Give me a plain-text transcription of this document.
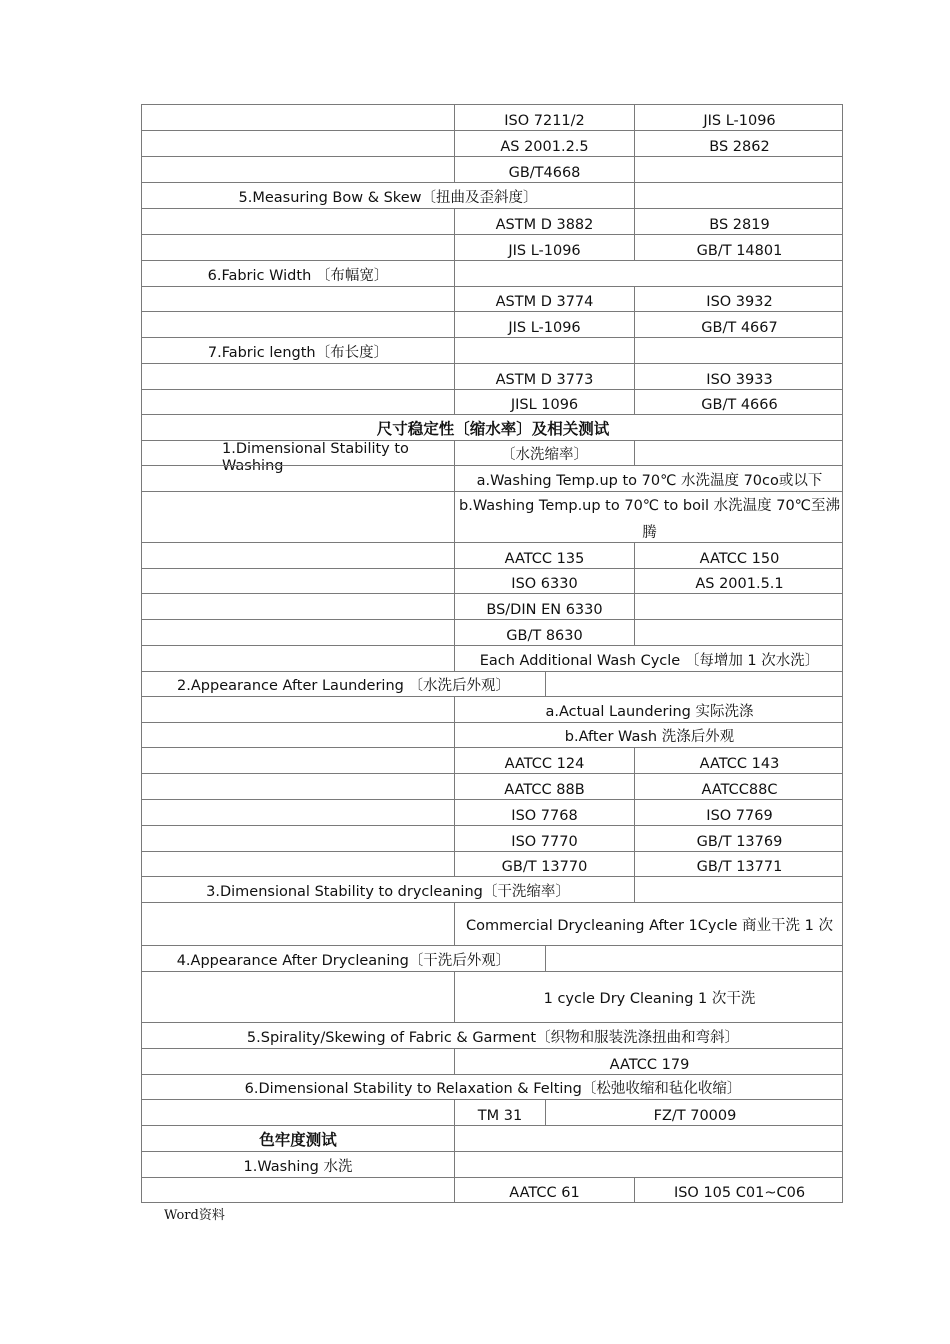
ISO 7211/2	JIS L-1096
AS 2001.2.5	BS 2862
GB/T4668
5.Measuring Bow & Skew〔扭曲及歪斜度〕
ASTM D 3882	BS 2819
JIS L-1096	GB/T 14801
6.Fabric Width 〔布幅宽〕
ASTM D 3774	ISO 3932
JIS L-1096	GB/T 4667
7.Fabric length〔布长度〕
ASTM D 3773	ISO 3933
JISL 1096	GB/T 4666
尺寸稳定性〔缩水率〕及相关测试
1.Dimensional Stability to Washing
〔水洗缩率〕
a.Washing Temp.up to 70℃ 水洗温度 70co或以下
b.Washing Temp.up to 70℃ to boil 水洗温度 70℃至沸腾
AATCC 135	AATCC 150
ISO 6330	AS 2001.5.1
BS/DIN EN 6330
GB/T 8630
Each Additional Wash Cycle 〔每增加 1 次水洗〕
2.Appearance After Laundering 〔水洗后外观〕
a.Actual Laundering 实际洗涤
b.After Wash 洗涤后外观
AATCC 124	AATCC 143
AATCC 88B	AATCC88C
ISO 7768	ISO 7769
ISO 7770	GB/T 13769
GB/T 13770	GB/T 13771
3.Dimensional Stability to drycleaning〔干洗缩率〕
Commercial Drycleaning After 1Cycle 商业干洗 1 次
4.Appearance After Drycleaning〔干洗后外观〕
1 cycle Dry Cleaning 1 次干洗
5.Spirality/Skewing of Fabric & Garment〔织物和服装洗涤扭曲和弯斜〕
AATCC 179
6.Dimensional Stability to Relaxation & Felting〔松弛收缩和毡化收缩〕
TM 31	FZ/T 70009
色牢度测试
1.Washing 水洗
AATCC 61	ISO 105 C01~C06
Word资料
